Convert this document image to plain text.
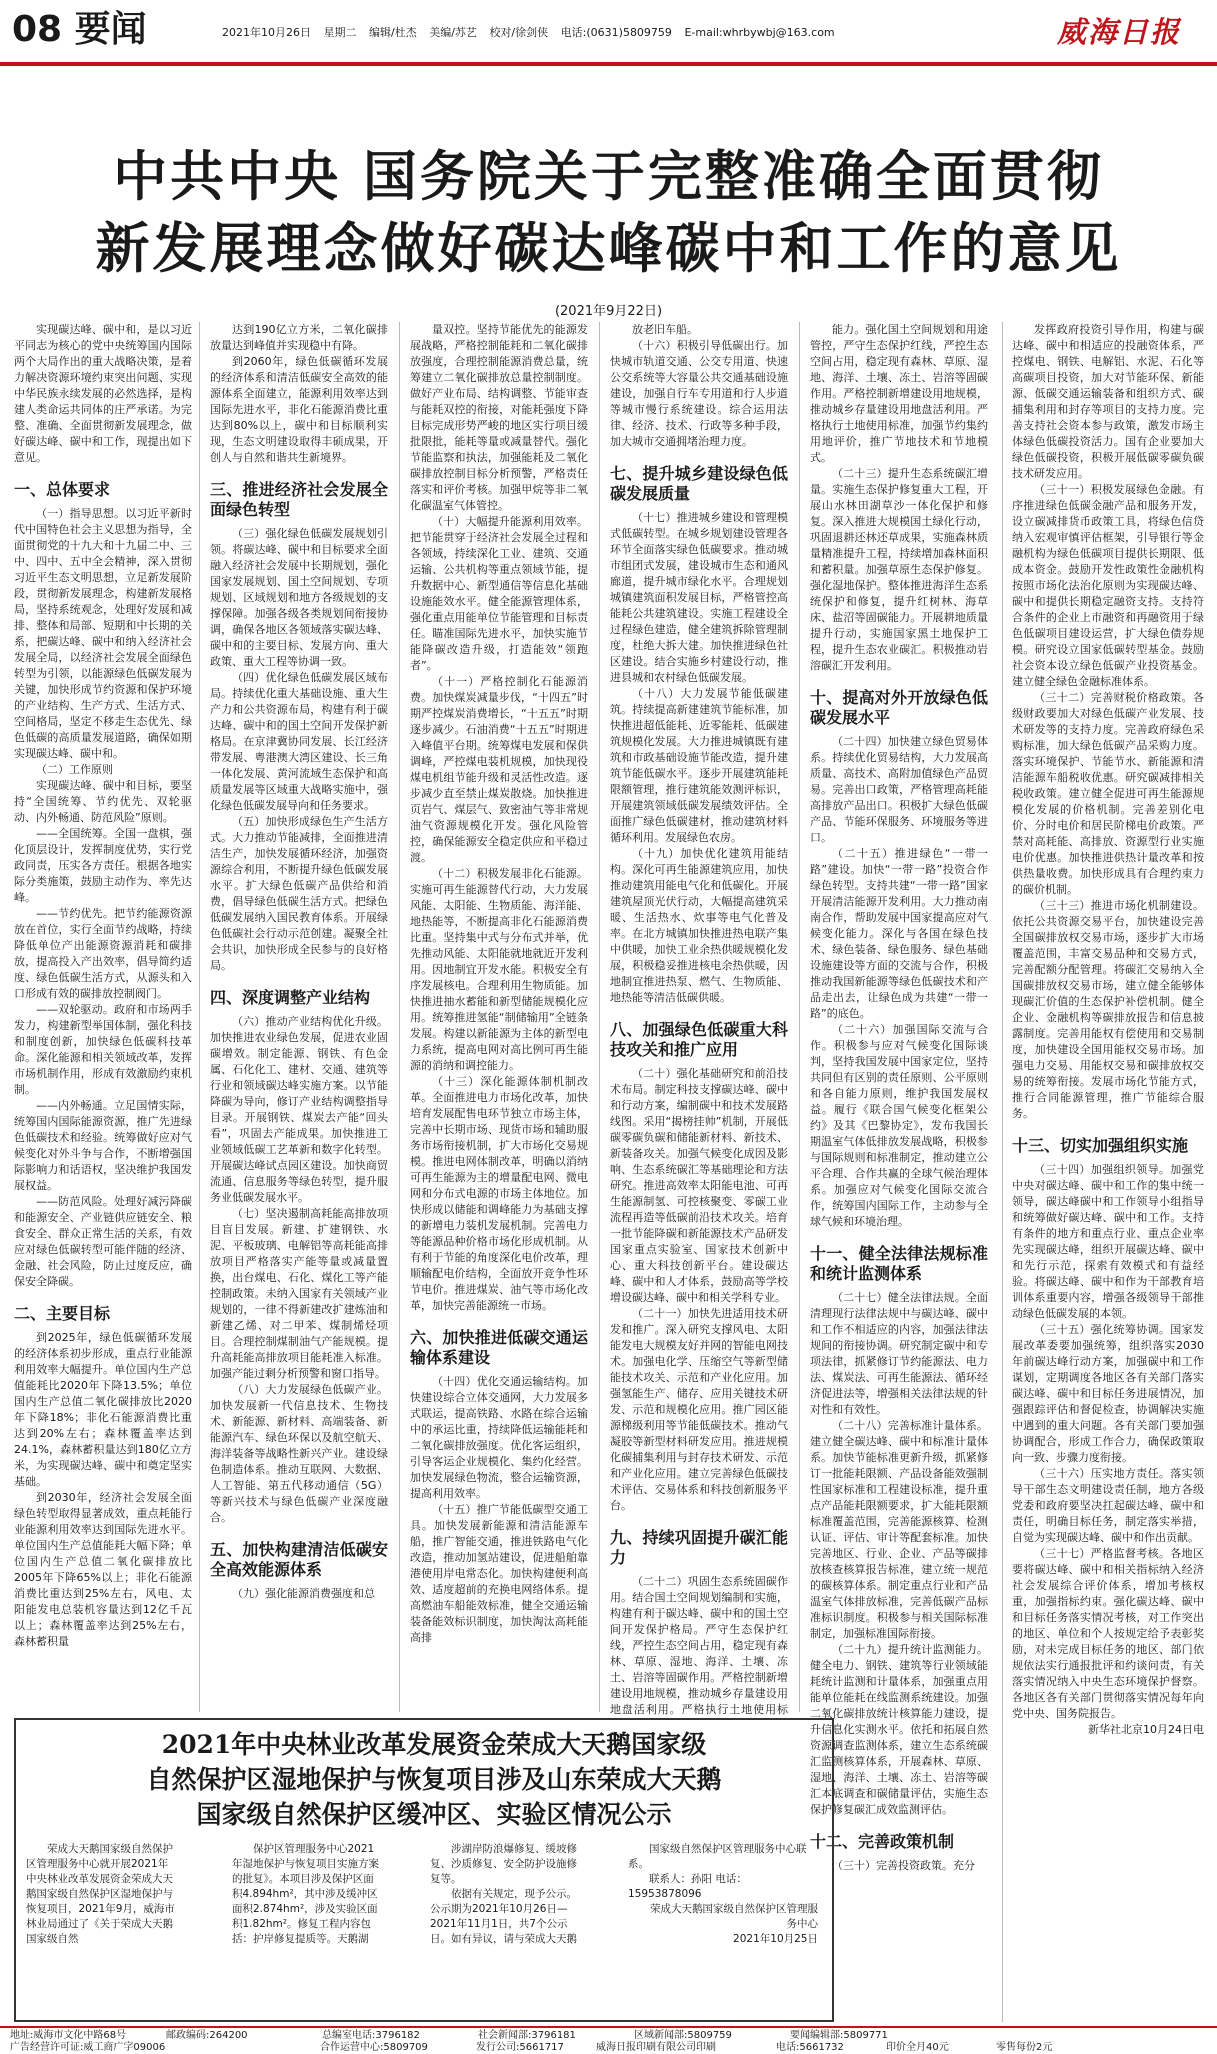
08 要闻	2021年10月26日 星期二 编辑/杜杰 美编/苏艺 校对/徐剑侠 电话:(0631)5809759 E-mail:whrbywbj@163.com	威海日报
中共中央 国务院关于完整准确全面贯彻
新发展理念做好碳达峰碳中和工作的意见
(2021年9月22日)

实现碳达峰、碳中和，是以习近平同志为核心的党中央统筹国内国际两个大局作出的重大战略决策，是着力解决资源环境约束突出问题、实现中华民族永续发展的必然选择，是构建人类命运共同体的庄严承诺。为完整、准确、全面贯彻新发展理念，做好碳达峰、碳中和工作，现提出如下意见。

一、总体要求

（一）指导思想。以习近平新时代中国特色社会主义思想为指导，全面贯彻党的十九大和十九届二中、三中、四中、五中全会精神，深入贯彻习近平生态文明思想，立足新发展阶段，贯彻新发展理念，构建新发展格局，坚持系统观念，处理好发展和减排、整体和局部、短期和中长期的关系，把碳达峰、碳中和纳入经济社会发展全局，以经济社会发展全面绿色转型为引领，以能源绿色低碳发展为关键，加快形成节约资源和保护环境的产业结构、生产方式、生活方式、空间格局，坚定不移走生态优先、绿色低碳的高质量发展道路，确保如期实现碳达峰、碳中和。

（二）工作原则

实现碳达峰、碳中和目标，要坚持“全国统筹、节约优先、双轮驱动、内外畅通、防范风险”原则。

——全国统筹。全国一盘棋，强化顶层设计，发挥制度优势，实行党政同责，压实各方责任。根据各地实际分类施策，鼓励主动作为、率先达峰。

——节约优先。把节约能源资源放在首位，实行全面节约战略，持续降低单位产出能源资源消耗和碳排放，提高投入产出效率，倡导简约适度、绿色低碳生活方式，从源头和入口形成有效的碳排放控制阀门。

——双轮驱动。政府和市场两手发力，构建新型举国体制，强化科技和制度创新，加快绿色低碳科技革命。深化能源和相关领域改革，发挥市场机制作用，形成有效激励约束机制。

——内外畅通。立足国情实际，统筹国内国际能源资源，推广先进绿色低碳技术和经验。统筹做好应对气候变化对外斗争与合作，不断增强国际影响力和话语权，坚决维护我国发展权益。

——防范风险。处理好减污降碳和能源安全、产业链供应链安全、粮食安全、群众正常生活的关系，有效应对绿色低碳转型可能伴随的经济、金融、社会风险，防止过度反应，确保安全降碳。

二、主要目标

到2025年，绿色低碳循环发展的经济体系初步形成，重点行业能源利用效率大幅提升。单位国内生产总值能耗比2020年下降13.5%；单位国内生产总值二氧化碳排放比2020年下降18%；非化石能源消费比重达到20%左右；森林覆盖率达到24.1%，森林蓄积量达到180亿立方米，为实现碳达峰、碳中和奠定坚实基础。

到2030年，经济社会发展全面绿色转型取得显著成效，重点耗能行业能源利用效率达到国际先进水平。单位国内生产总值能耗大幅下降；单位国内生产总值二氧化碳排放比2005年下降65%以上；非化石能源消费比重达到25%左右，风电、太阳能发电总装机容量达到12亿千瓦以上；森林覆盖率达到25%左右，森林蓄积量

达到190亿立方米，二氧化碳排放量达到峰值并实现稳中有降。

到2060年，绿色低碳循环发展的经济体系和清洁低碳安全高效的能源体系全面建立，能源利用效率达到国际先进水平，非化石能源消费比重达到80%以上，碳中和目标顺利实现，生态文明建设取得丰硕成果，开创人与自然和谐共生新境界。

三、推进经济社会发展全面绿色转型

（三）强化绿色低碳发展规划引领。将碳达峰、碳中和目标要求全面融入经济社会发展中长期规划，强化国家发展规划、国土空间规划、专项规划、区域规划和地方各级规划的支撑保障。加强各级各类规划间衔接协调，确保各地区各领域落实碳达峰、碳中和的主要目标、发展方向、重大政策、重大工程等协调一致。

（四）优化绿色低碳发展区域布局。持续优化重大基础设施、重大生产力和公共资源布局，构建有利于碳达峰、碳中和的国土空间开发保护新格局。在京津冀协同发展、长江经济带发展、粤港澳大湾区建设、长三角一体化发展、黄河流域生态保护和高质量发展等区域重大战略实施中，强化绿色低碳发展导向和任务要求。

（五）加快形成绿色生产生活方式。大力推动节能减排，全面推进清洁生产，加快发展循环经济，加强资源综合利用，不断提升绿色低碳发展水平。扩大绿色低碳产品供给和消费，倡导绿色低碳生活方式。把绿色低碳发展纳入国民教育体系。开展绿色低碳社会行动示范创建。凝聚全社会共识，加快形成全民参与的良好格局。

四、深度调整产业结构

（六）推动产业结构优化升级。加快推进农业绿色发展，促进农业固碳增效。制定能源、钢铁、有色金属、石化化工、建材、交通、建筑等行业和领域碳达峰实施方案。以节能降碳为导向，修订产业结构调整指导目录。开展钢铁、煤炭去产能“回头看”，巩固去产能成果。加快推进工业领域低碳工艺革新和数字化转型。开展碳达峰试点园区建设。加快商贸流通、信息服务等绿色转型，提升服务业低碳发展水平。

（七）坚决遏制高耗能高排放项目盲目发展。新建、扩建钢铁、水泥、平板玻璃、电解铝等高耗能高排放项目严格落实产能等量或减量置换，出台煤电、石化、煤化工等产能控制政策。未纳入国家有关领域产业规划的，一律不得新建改扩建炼油和新建乙烯、对二甲苯、煤制烯烃项目。合理控制煤制油气产能规模。提升高耗能高排放项目能耗准入标准。加强产能过剩分析预警和窗口指导。

（八）大力发展绿色低碳产业。加快发展新一代信息技术、生物技术、新能源、新材料、高端装备、新能源汽车、绿色环保以及航空航天、海洋装备等战略性新兴产业。建设绿色制造体系。推动互联网、大数据、人工智能、第五代移动通信（5G）等新兴技术与绿色低碳产业深度融合。

五、加快构建清洁低碳安全高效能源体系

（九）强化能源消费强度和总

量双控。坚持节能优先的能源发展战略，严格控制能耗和二氧化碳排放强度，合理控制能源消费总量，统筹建立二氧化碳排放总量控制制度。做好产业布局、结构调整、节能审查与能耗双控的衔接，对能耗强度下降目标完成形势严峻的地区实行项目缓批限批，能耗等量或减量替代。强化节能监察和执法，加强能耗及二氧化碳排放控制目标分析预警，严格责任落实和评价考核。加强甲烷等非二氧化碳温室气体管控。

（十）大幅提升能源利用效率。把节能贯穿于经济社会发展全过程和各领域，持续深化工业、建筑、交通运输、公共机构等重点领域节能，提升数据中心、新型通信等信息化基础设施能效水平。健全能源管理体系，强化重点用能单位节能管理和目标责任。瞄准国际先进水平，加快实施节能降碳改造升级，打造能效“领跑者”。

（十一）严格控制化石能源消费。加快煤炭减量步伐，“十四五”时期严控煤炭消费增长，“十五五”时期逐步减少。石油消费“十五五”时期进入峰值平台期。统筹煤电发展和保供调峰，严控煤电装机规模，加快现役煤电机组节能升级和灵活性改造。逐步减少直至禁止煤炭散烧。加快推进页岩气、煤层气、致密油气等非常规油气资源规模化开发。强化风险管控，确保能源安全稳定供应和平稳过渡。

（十二）积极发展非化石能源。实施可再生能源替代行动，大力发展风能、太阳能、生物质能、海洋能、地热能等，不断提高非化石能源消费比重。坚持集中式与分布式并举，优先推动风能、太阳能就地就近开发利用。因地制宜开发水能。积极安全有序发展核电。合理利用生物质能。加快推进抽水蓄能和新型储能规模化应用。统筹推进氢能“制储输用”全链条发展。构建以新能源为主体的新型电力系统，提高电网对高比例可再生能源的消纳和调控能力。

（十三）深化能源体制机制改革。全面推进电力市场化改革，加快培育发展配售电环节独立市场主体，完善中长期市场、现货市场和辅助服务市场衔接机制，扩大市场化交易规模。推进电网体制改革，明确以消纳可再生能源为主的增量配电网、微电网和分布式电源的市场主体地位。加快形成以储能和调峰能力为基础支撑的新增电力装机发展机制。完善电力等能源品种价格市场化形成机制。从有利于节能的角度深化电价改革，理顺输配电价结构，全面放开竞争性环节电价。推进煤炭、油气等市场化改革，加快完善能源统一市场。

六、加快推进低碳交通运输体系建设

（十四）优化交通运输结构。加快建设综合立体交通网，大力发展多式联运，提高铁路、水路在综合运输中的承运比重，持续降低运输能耗和二氧化碳排放强度。优化客运组织，引导客运企业规模化、集约化经营。加快发展绿色物流，整合运输资源，提高利用效率。

（十五）推广节能低碳型交通工具。加快发展新能源和清洁能源车船，推广智能交通，推进铁路电气化改造，推动加氢站建设，促进船舶靠港使用岸电常态化。加快构建便利高效、适度超前的充换电网络体系。提高燃油车船能效标准，健全交通运输装备能效标识制度，加快淘汰高耗能高排

放老旧车船。

（十六）积极引导低碳出行。加快城市轨道交通、公交专用道、快速公交系统等大容量公共交通基础设施建设，加强自行车专用道和行人步道等城市慢行系统建设。综合运用法律、经济、技术、行政等多种手段，加大城市交通拥堵治理力度。

七、提升城乡建设绿色低碳发展质量

（十七）推进城乡建设和管理模式低碳转型。在城乡规划建设管理各环节全面落实绿色低碳要求。推动城市组团式发展，建设城市生态和通风廊道，提升城市绿化水平。合理规划城镇建筑面积发展目标，严格管控高能耗公共建筑建设。实施工程建设全过程绿色建造，健全建筑拆除管理制度，杜绝大拆大建。加快推进绿色社区建设。结合实施乡村建设行动，推进县城和农村绿色低碳发展。

（十八）大力发展节能低碳建筑。持续提高新建建筑节能标准，加快推进超低能耗、近零能耗、低碳建筑规模化发展。大力推进城镇既有建筑和市政基础设施节能改造，提升建筑节能低碳水平。逐步开展建筑能耗限额管理，推行建筑能效测评标识，开展建筑领域低碳发展绩效评估。全面推广绿色低碳建材，推动建筑材料循环利用。发展绿色农房。

（十九）加快优化建筑用能结构。深化可再生能源建筑应用，加快推动建筑用能电气化和低碳化。开展建筑屋顶光伏行动，大幅提高建筑采暖、生活热水、炊事等电气化普及率。在北方城镇加快推进热电联产集中供暖，加快工业余热供暖规模化发展，积极稳妥推进核电余热供暖，因地制宜推进热泵、燃气、生物质能、地热能等清洁低碳供暖。

八、加强绿色低碳重大科技攻关和推广应用

（二十）强化基础研究和前沿技术布局。制定科技支撑碳达峰、碳中和行动方案，编制碳中和技术发展路线图。采用“揭榜挂帅”机制，开展低碳零碳负碳和储能新材料、新技术、新装备攻关。加强气候变化成因及影响、生态系统碳汇等基础理论和方法研究。推进高效率太阳能电池、可再生能源制氢、可控核聚变、零碳工业流程再造等低碳前沿技术攻关。培育一批节能降碳和新能源技术产品研发国家重点实验室、国家技术创新中心、重大科技创新平台。建设碳达峰、碳中和人才体系，鼓励高等学校增设碳达峰、碳中和相关学科专业。

（二十一）加快先进适用技术研发和推广。深入研究支撑风电、太阳能发电大规模友好并网的智能电网技术。加强电化学、压缩空气等新型储能技术攻关、示范和产业化应用。加强氢能生产、储存、应用关键技术研发、示范和规模化应用。推广园区能源梯级利用等节能低碳技术。推动气凝胶等新型材料研发应用。推进规模化碳捕集利用与封存技术研发、示范和产业化应用。建立完善绿色低碳技术评估、交易体系和科技创新服务平台。

九、持续巩固提升碳汇能力

（二十二）巩固生态系统固碳作用。结合国土空间规划编制和实施，构建有利于碳达峰、碳中和的国土空间开发保护格局。严守生态保护红线，严控生态空间占用，稳定现有森林、草原、湿地、海洋、土壤、冻土、岩溶等固碳作用。严格控制新增建设用地规模，推动城乡存量建设用地盘活利用。严格执行土地使用标

能力。强化国土空间规划和用途管控，严守生态保护红线，严控生态空间占用，稳定现有森林、草原、湿地、海洋、土壤、冻土、岩溶等固碳作用。严格控制新增建设用地规模，推动城乡存量建设用地盘活利用。严格执行土地使用标准，加强节约集约用地评价，推广节地技术和节地模式。

（二十三）提升生态系统碳汇增量。实施生态保护修复重大工程，开展山水林田湖草沙一体化保护和修复。深入推进大规模国土绿化行动，巩固退耕还林还草成果，实施森林质量精准提升工程，持续增加森林面积和蓄积量。加强草原生态保护修复。强化湿地保护。整体推进海洋生态系统保护和修复，提升红树林、海草床、盐沼等固碳能力。开展耕地质量提升行动，实施国家黑土地保护工程，提升生态农业碳汇。积极推动岩溶碳汇开发利用。

十、提高对外开放绿色低碳发展水平

（二十四）加快建立绿色贸易体系。持续优化贸易结构，大力发展高质量、高技术、高附加值绿色产品贸易。完善出口政策，严格管理高耗能高排放产品出口。积极扩大绿色低碳产品、节能环保服务、环境服务等进口。

（二十五）推进绿色“一带一路”建设。加快“一带一路”投资合作绿色转型。支持共建“一带一路”国家开展清洁能源开发利用。大力推动南南合作，帮助发展中国家提高应对气候变化能力。深化与各国在绿色技术、绿色装备、绿色服务、绿色基础设施建设等方面的交流与合作，积极推动我国新能源等绿色低碳技术和产品走出去，让绿色成为共建“一带一路”的底色。

（二十六）加强国际交流与合作。积极参与应对气候变化国际谈判，坚持我国发展中国家定位，坚持共同但有区别的责任原则、公平原则和各自能力原则，维护我国发展权益。履行《联合国气候变化框架公约》及其《巴黎协定》，发布我国长期温室气体低排放发展战略，积极参与国际规则和标准制定，推动建立公平合理、合作共赢的全球气候治理体系。加强应对气候变化国际交流合作，统筹国内国际工作，主动参与全球气候和环境治理。

十一、健全法律法规标准和统计监测体系

（二十七）健全法律法规。全面清理现行法律法规中与碳达峰、碳中和工作不相适应的内容，加强法律法规间的衔接协调。研究制定碳中和专项法律，抓紧修订节约能源法、电力法、煤炭法、可再生能源法、循环经济促进法等，增强相关法律法规的针对性和有效性。

（二十八）完善标准计量体系。建立健全碳达峰、碳中和标准计量体系。加快节能标准更新升级，抓紧修订一批能耗限额、产品设备能效强制性国家标准和工程建设标准，提升重点产品能耗限额要求，扩大能耗限额标准覆盖范围，完善能源核算、检测认证、评估、审计等配套标准。加快完善地区、行业、企业、产品等碳排放核查核算报告标准，建立统一规范的碳核算体系。制定重点行业和产品温室气体排放标准，完善低碳产品标准标识制度。积极参与相关国际标准制定，加强标准国际衔接。

（二十九）提升统计监测能力。健全电力、钢铁、建筑等行业领域能耗统计监测和计量体系，加强重点用能单位能耗在线监测系统建设。加强二氧化碳排放统计核算能力建设，提升信息化实测水平。依托和拓展自然资源调查监测体系，建立生态系统碳汇监测核算体系，开展森林、草原、湿地、海洋、土壤、冻土、岩溶等碳汇本底调查和碳储量评估，实施生态保护修复碳汇成效监测评估。

十二、完善政策机制

（三十）完善投资政策。充分

发挥政府投资引导作用，构建与碳达峰、碳中和相适应的投融资体系，严控煤电、钢铁、电解铝、水泥、石化等高碳项目投资，加大对节能环保、新能源、低碳交通运输装备和组织方式、碳捕集利用和封存等项目的支持力度。完善支持社会资本参与政策，激发市场主体绿色低碳投资活力。国有企业要加大绿色低碳投资，积极开展低碳零碳负碳技术研发应用。

（三十一）积极发展绿色金融。有序推进绿色低碳金融产品和服务开发，设立碳减排货币政策工具，将绿色信贷纳入宏观审慎评估框架，引导银行等金融机构为绿色低碳项目提供长期限、低成本资金。鼓励开发性政策性金融机构按照市场化法治化原则为实现碳达峰、碳中和提供长期稳定融资支持。支持符合条件的企业上市融资和再融资用于绿色低碳项目建设运营，扩大绿色债券规模。研究设立国家低碳转型基金。鼓励社会资本设立绿色低碳产业投资基金。建立健全绿色金融标准体系。

（三十二）完善财税价格政策。各级财政要加大对绿色低碳产业发展、技术研发等的支持力度。完善政府绿色采购标准，加大绿色低碳产品采购力度。落实环境保护、节能节水、新能源和清洁能源车船税收优惠。研究碳减排相关税收政策。建立健全促进可再生能源规模化发展的价格机制。完善差别化电价、分时电价和居民阶梯电价政策。严禁对高耗能、高排放、资源型行业实施电价优惠。加快推进供热计量改革和按供热量收费。加快形成具有合理约束力的碳价机制。

（三十三）推进市场化机制建设。依托公共资源交易平台，加快建设完善全国碳排放权交易市场，逐步扩大市场覆盖范围，丰富交易品种和交易方式，完善配额分配管理。将碳汇交易纳入全国碳排放权交易市场，建立健全能够体现碳汇价值的生态保护补偿机制。健全企业、金融机构等碳排放报告和信息披露制度。完善用能权有偿使用和交易制度，加快建设全国用能权交易市场。加强电力交易、用能权交易和碳排放权交易的统筹衔接。发展市场化节能方式，推行合同能源管理，推广节能综合服务。

十三、切实加强组织实施

（三十四）加强组织领导。加强党中央对碳达峰、碳中和工作的集中统一领导，碳达峰碳中和工作领导小组指导和统筹做好碳达峰、碳中和工作。支持有条件的地方和重点行业、重点企业率先实现碳达峰，组织开展碳达峰、碳中和先行示范，探索有效模式和有益经验。将碳达峰、碳中和作为干部教育培训体系重要内容，增强各级领导干部推动绿色低碳发展的本领。

（三十五）强化统筹协调。国家发展改革委要加强统筹，组织落实2030年前碳达峰行动方案，加强碳中和工作谋划，定期调度各地区各有关部门落实碳达峰、碳中和目标任务进展情况，加强跟踪评估和督促检查，协调解决实施中遇到的重大问题。各有关部门要加强协调配合，形成工作合力，确保政策取向一致、步骤力度衔接。

（三十六）压实地方责任。落实领导干部生态文明建设责任制，地方各级党委和政府要坚决扛起碳达峰、碳中和责任，明确目标任务，制定落实举措，自觉为实现碳达峰、碳中和作出贡献。

（三十七）严格监督考核。各地区要将碳达峰、碳中和相关指标纳入经济社会发展综合评价体系，增加考核权重，加强指标约束。强化碳达峰、碳中和目标任务落实情况考核，对工作突出的地区、单位和个人按规定给予表彰奖励，对未完成目标任务的地区、部门依规依法实行通报批评和约谈问责，有关落实情况纳入中央生态环境保护督察。各地区各有关部门贯彻落实情况每年向党中央、国务院报告。

新华社北京10月24日电

2021年中央林业改革发展资金荣成大天鹅国家级
自然保护区湿地保护与恢复项目涉及山东荣成大天鹅
国家级自然保护区缓冲区、实验区情况公示

荣成大天鹅国家级自然保护区管理服务中心就开展2021年中央林业改革发展资金荣成大天鹅国家级自然保护区湿地保护与恢复项目，2021年9月，威海市林业局通过了《关于荣成大天鹅国家级自然

保护区管理服务中心2021年湿地保护与恢复项目实施方案的批复》。本项目涉及保护区面积4.894hm²，其中涉及缓冲区面积2.874hm²，涉及实验区面积1.82hm²。修复工程内容包括：护岸修复提质等。天鹅湖

涉湖岸防浪爆修复、缓坡修复、沙质修复、安全防护设施修复等。

依据有关规定，现予公示。公示期为2021年10月26日—2021年11月1日，共7个公示日。如有异议，请与荣成大天鹅

国家级自然保护区管理服务中心联系。

联系人：孙阳 电话：15953878096

荣成大天鹅国家级自然保护区管理服务中心

2021年10月25日

地址:威海市文化中路68号	邮政编码:264200	总编室电话:3796182	社会新闻部:3796181	区域新闻部:5809759	要闻编辑部:5809771
广告经营许可证:威工商广字09006	合作运营中心:5809709	发行公司:5661717	威海日报印刷有限公司印刷	电话:5661732	印价全月40元	零售每份2元
